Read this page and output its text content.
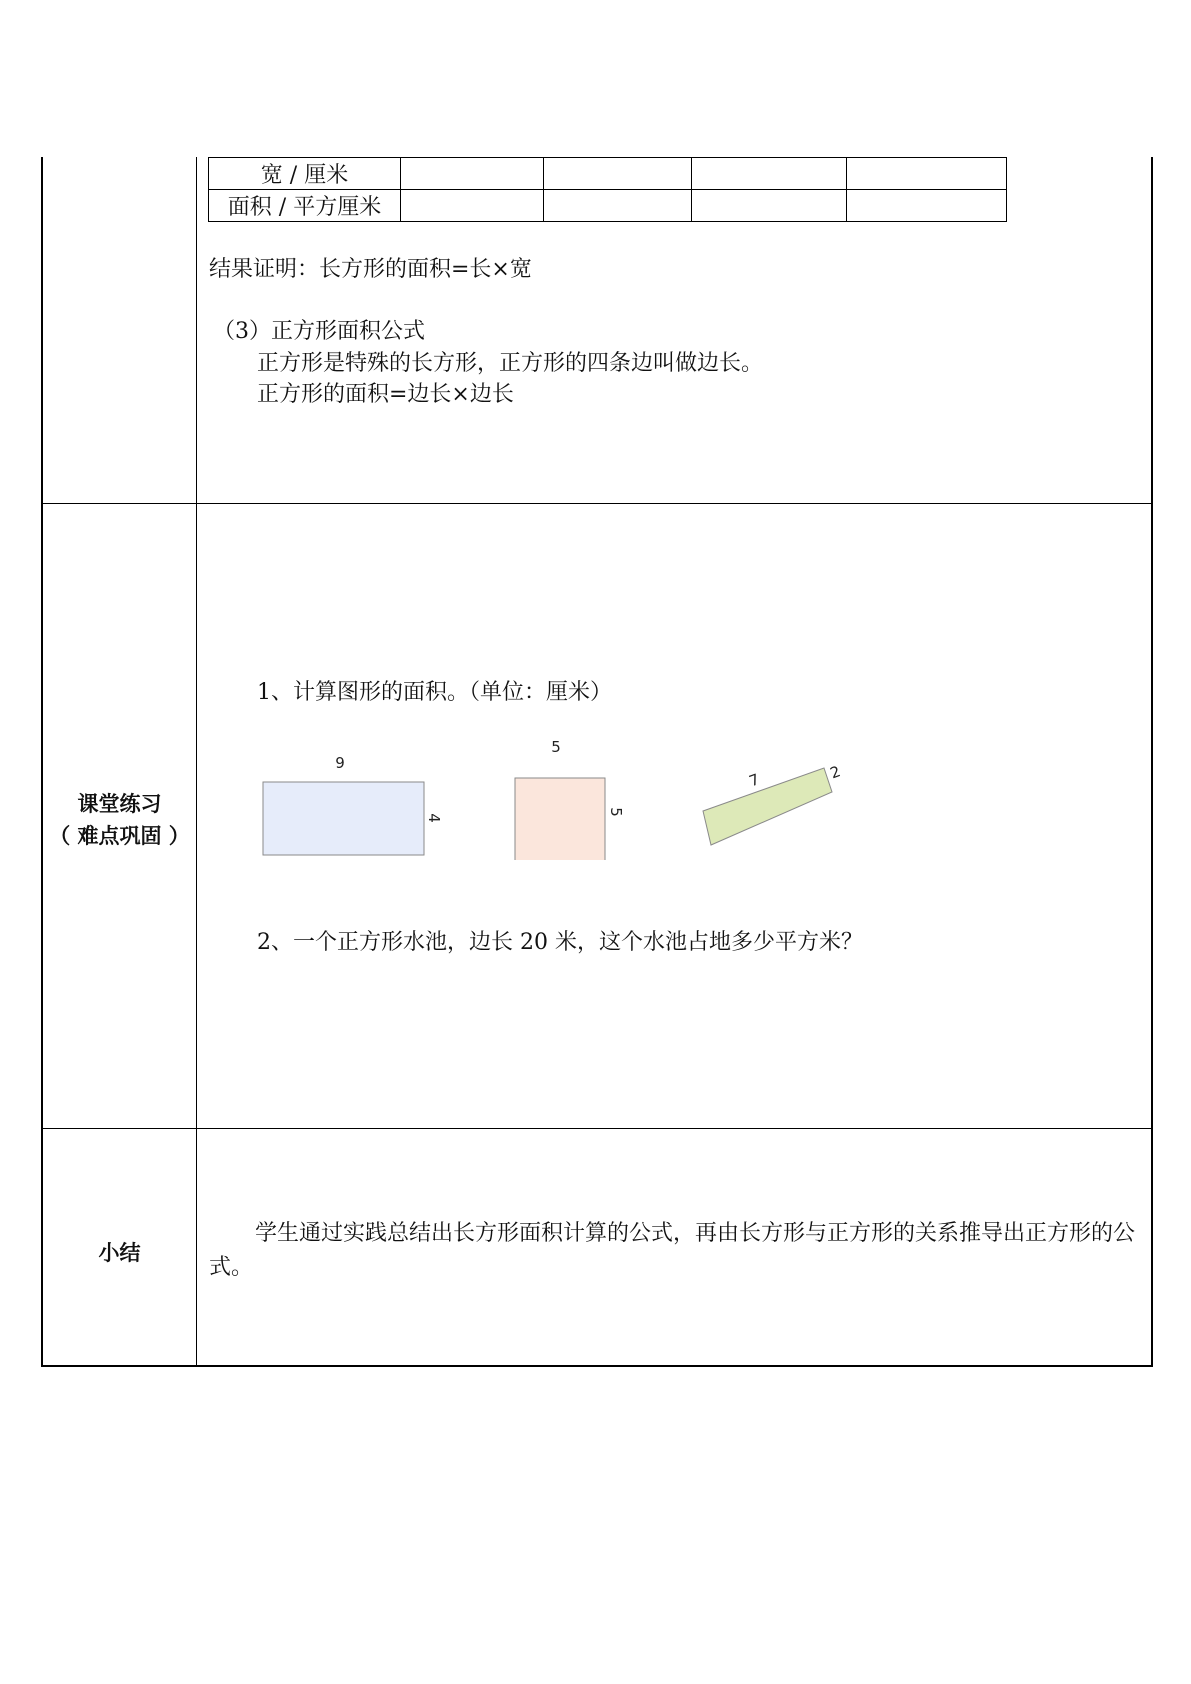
宽 / 厘米				
面积 / 平方厘米				
结果证明：长方形的面积=长×宽
（3）正方形面积公式
正方形是特殊的长方形，正方形的四条边叫做边长。
正方形的面积=边长×边长
课堂练习
（ 难点巩固 ）
1、计算图形的面积。（单位：厘米）
9
4
5
5
7	2
2、一个正方形水池，边长 20 米，这个水池占地多少平方米？
小结
学生通过实践总结出长方形面积计算的公式，再由长方形与正方形的关系推导出正方形的公式。
